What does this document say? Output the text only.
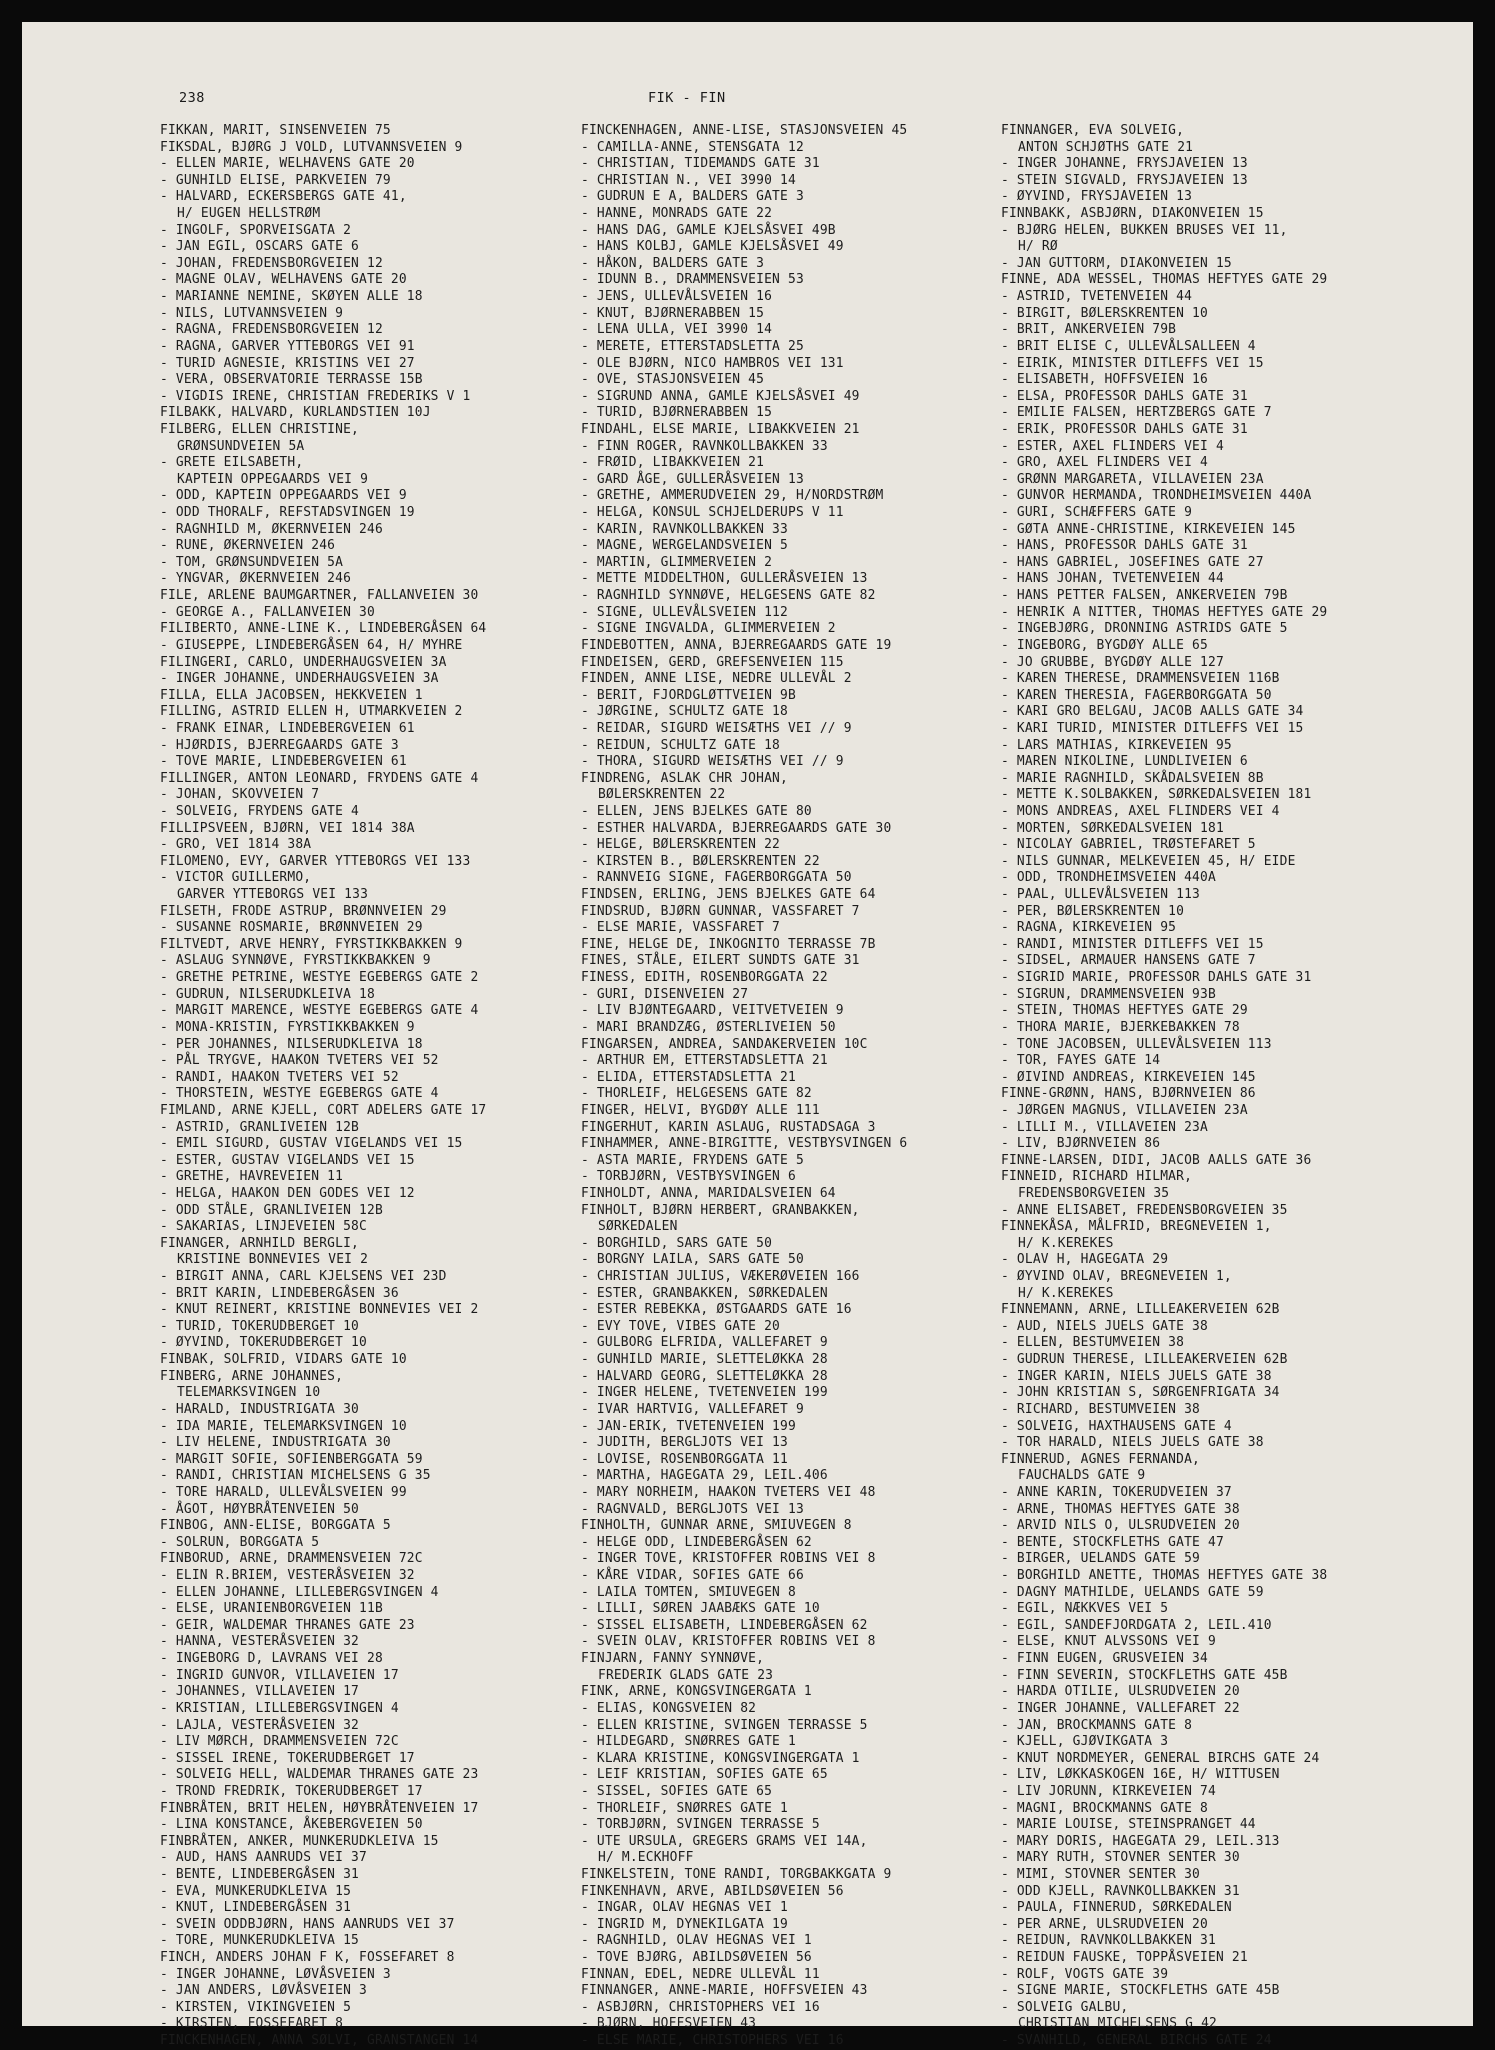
238	FIK - FIN
FIKKAN, MARIT, SINSENVEIEN 75
FIKSDAL, BJØRG J VOLD, LUTVANNSVEIEN 9
- ELLEN MARIE, WELHAVENS GATE 20
- GUNHILD ELISE, PARKVEIEN 79
- HALVARD, ECKERSBERGS GATE 41,
H/ EUGEN HELLSTRØM
- INGOLF, SPORVEISGATA 2
- JAN EGIL, OSCARS GATE 6
- JOHAN, FREDENSBORGVEIEN 12
- MAGNE OLAV, WELHAVENS GATE 20
- MARIANNE NEMINE, SKØYEN ALLE 18
- NILS, LUTVANNSVEIEN 9
- RAGNA, FREDENSBORGVEIEN 12
- RAGNA, GARVER YTTEBORGS VEI 91
- TURID AGNESIE, KRISTINS VEI 27
- VERA, OBSERVATORIE TERRASSE 15B
- VIGDIS IRENE, CHRISTIAN FREDERIKS V 1
FILBAKK, HALVARD, KURLANDSTIEN 10J
FILBERG, ELLEN CHRISTINE,
GRØNSUNDVEIEN 5A
- GRETE EILSABETH,
KAPTEIN OPPEGAARDS VEI 9
- ODD, KAPTEIN OPPEGAARDS VEI 9
- ODD THORALF, REFSTADSVINGEN 19
- RAGNHILD M, ØKERNVEIEN 246
- RUNE, ØKERNVEIEN 246
- TOM, GRØNSUNDVEIEN 5A
- YNGVAR, ØKERNVEIEN 246
FILE, ARLENE BAUMGARTNER, FALLANVEIEN 30
- GEORGE A., FALLANVEIEN 30
FILIBERTO, ANNE-LINE K., LINDEBERGÅSEN 64
- GIUSEPPE, LINDEBERGÅSEN 64, H/ MYHRE
FILINGERI, CARLO, UNDERHAUGSVEIEN 3A
- INGER JOHANNE, UNDERHAUGSVEIEN 3A
FILLA, ELLA JACOBSEN, HEKKVEIEN 1
FILLING, ASTRID ELLEN H, UTMARKVEIEN 2
- FRANK EINAR, LINDEBERGVEIEN 61
- HJØRDIS, BJERREGAARDS GATE 3
- TOVE MARIE, LINDEBERGVEIEN 61
FILLINGER, ANTON LEONARD, FRYDENS GATE 4
- JOHAN, SKOVVEIEN 7
- SOLVEIG, FRYDENS GATE 4
FILLIPSVEEN, BJØRN, VEI 1814 38A
- GRO, VEI 1814 38A
FILOMENO, EVY, GARVER YTTEBORGS VEI 133
- VICTOR GUILLERMO,
GARVER YTTEBORGS VEI 133
FILSETH, FRODE ASTRUP, BRØNNVEIEN 29
- SUSANNE ROSMARIE, BRØNNVEIEN 29
FILTVEDT, ARVE HENRY, FYRSTIKKBAKKEN 9
- ASLAUG SYNNØVE, FYRSTIKKBAKKEN 9
- GRETHE PETRINE, WESTYE EGEBERGS GATE 2
- GUDRUN, NILSERUDKLEIVA 18
- MARGIT MARENCE, WESTYE EGEBERGS GATE 4
- MONA-KRISTIN, FYRSTIKKBAKKEN 9
- PER JOHANNES, NILSERUDKLEIVA 18
- PÅL TRYGVE, HAAKON TVETERS VEI 52
- RANDI, HAAKON TVETERS VEI 52
- THORSTEIN, WESTYE EGEBERGS GATE 4
FIMLAND, ARNE KJELL, CORT ADELERS GATE 17
- ASTRID, GRANLIVEIEN 12B
- EMIL SIGURD, GUSTAV VIGELANDS VEI 15
- ESTER, GUSTAV VIGELANDS VEI 15
- GRETHE, HAVREVEIEN 11
- HELGA, HAAKON DEN GODES VEI 12
- ODD STÅLE, GRANLIVEIEN 12B
- SAKARIAS, LINJEVEIEN 58C
FINANGER, ARNHILD BERGLI,
KRISTINE BONNEVIES VEI 2
- BIRGIT ANNA, CARL KJELSENS VEI 23D
- BRIT KARIN, LINDEBERGÅSEN 36
- KNUT REINERT, KRISTINE BONNEVIES VEI 2
- TURID, TOKERUDBERGET 10
- ØYVIND, TOKERUDBERGET 10
FINBAK, SOLFRID, VIDARS GATE 10
FINBERG, ARNE JOHANNES,
TELEMARKSVINGEN 10
- HARALD, INDUSTRIGATA 30
- IDA MARIE, TELEMARKSVINGEN 10
- LIV HELENE, INDUSTRIGATA 30
- MARGIT SOFIE, SOFIENBERGGATA 59
- RANDI, CHRISTIAN MICHELSENS G 35
- TORE HARALD, ULLEVÅLSVEIEN 99
- ÅGOT, HØYBRÅTENVEIEN 50
FINBOG, ANN-ELISE, BORGGATA 5
- SOLRUN, BORGGATA 5
FINBORUD, ARNE, DRAMMENSVEIEN 72C
- ELIN R.BRIEM, VESTERÅSVEIEN 32
- ELLEN JOHANNE, LILLEBERGSVINGEN 4
- ELSE, URANIENBORGVEIEN 11B
- GEIR, WALDEMAR THRANES GATE 23
- HANNA, VESTERÅSVEIEN 32
- INGEBORG D, LAVRANS VEI 28
- INGRID GUNVOR, VILLAVEIEN 17
- JOHANNES, VILLAVEIEN 17
- KRISTIAN, LILLEBERGSVINGEN 4
- LAJLA, VESTERÅSVEIEN 32
- LIV MØRCH, DRAMMENSVEIEN 72C
- SISSEL IRENE, TOKERUDBERGET 17
- SOLVEIG HELL, WALDEMAR THRANES GATE 23
- TROND FREDRIK, TOKERUDBERGET 17
FINBRÅTEN, BRIT HELEN, HØYBRÅTENVEIEN 17
- LINA KONSTANCE, ÅKEBERGVEIEN 50
FINBRÅTEN, ANKER, MUNKERUDKLEIVA 15
- AUD, HANS AANRUDS VEI 37
- BENTE, LINDEBERGÅSEN 31
- EVA, MUNKERUDKLEIVA 15
- KNUT, LINDEBERGÅSEN 31
- SVEIN ODDBJØRN, HANS AANRUDS VEI 37
- TORE, MUNKERUDKLEIVA 15
FINCH, ANDERS JOHAN F K, FOSSEFARET 8
- INGER JOHANNE, LØVÅSVEIEN 3
- JAN ANDERS, LØVÅSVEIEN 3
- KIRSTEN, VIKINGVEIEN 5
- KIRSTEN, FOSSEFARET 8
FINCKENHAGEN, ANNA SØLVI, GRANSTANGEN 14
FINCKENHAGEN, ANNE-LISE, STASJONSVEIEN 45
- CAMILLA-ANNE, STENSGATA 12
- CHRISTIAN, TIDEMANDS GATE 31
- CHRISTIAN N., VEI 3990 14
- GUDRUN E A, BALDERS GATE 3
- HANNE, MONRADS GATE 22
- HANS DAG, GAMLE KJELSÅSVEI 49B
- HANS KOLBJ, GAMLE KJELSÅSVEI 49
- HÅKON, BALDERS GATE 3
- IDUNN B., DRAMMENSVEIEN 53
- JENS, ULLEVÅLSVEIEN 16
- KNUT, BJØRNERABBEN 15
- LENA ULLA, VEI 3990 14
- MERETE, ETTERSTADSLETTA 25
- OLE BJØRN, NICO HAMBROS VEI 131
- OVE, STASJONSVEIEN 45
- SIGRUND ANNA, GAMLE KJELSÅSVEI 49
- TURID, BJØRNERABBEN 15
FINDAHL, ELSE MARIE, LIBAKKVEIEN 21
- FINN ROGER, RAVNKOLLBAKKEN 33
- FRØID, LIBAKKVEIEN 21
- GARD ÅGE, GULLERÅSVEIEN 13
- GRETHE, AMMERUDVEIEN 29, H/NORDSTRØM
- HELGA, KONSUL SCHJELDERUPS V 11
- KARIN, RAVNKOLLBAKKEN 33
- MAGNE, WERGELANDSVEIEN 5
- MARTIN, GLIMMERVEIEN 2
- METTE MIDDELTHON, GULLERÅSVEIEN 13
- RAGNHILD SYNNØVE, HELGESENS GATE 82
- SIGNE, ULLEVÅLSVEIEN 112
- SIGNE INGVALDA, GLIMMERVEIEN 2
FINDEBOTTEN, ANNA, BJERREGAARDS GATE 19
FINDEISEN, GERD, GREFSENVEIEN 115
FINDEN, ANNE LISE, NEDRE ULLEVÅL 2
- BERIT, FJORDGLØTTVEIEN 9B
- JØRGINE, SCHULTZ GATE 18
- REIDAR, SIGURD WEISÆTHS VEI // 9
- REIDUN, SCHULTZ GATE 18
- THORA, SIGURD WEISÆTHS VEI // 9
FINDRENG, ASLAK CHR JOHAN,
BØLERSKRENTEN 22
- ELLEN, JENS BJELKES GATE 80
- ESTHER HALVARDA, BJERREGAARDS GATE 30
- HELGE, BØLERSKRENTEN 22
- KIRSTEN B., BØLERSKRENTEN 22
- RANNVEIG SIGNE, FAGERBORGGATA 50
FINDSEN, ERLING, JENS BJELKES GATE 64
FINDSRUD, BJØRN GUNNAR, VASSFARET 7
- ELSE MARIE, VASSFARET 7
FINE, HELGE DE, INKOGNITO TERRASSE 7B
FINES, STÅLE, EILERT SUNDTS GATE 31
FINESS, EDITH, ROSENBORGGATA 22
- GURI, DISENVEIEN 27
- LIV BJØNTEGAARD, VEITVETVEIEN 9
- MARI BRANDZÆG, ØSTERLIVEIEN 50
FINGARSEN, ANDREA, SANDAKERVEIEN 10C
- ARTHUR EM, ETTERSTADSLETTA 21
- ELIDA, ETTERSTADSLETTA 21
- THORLEIF, HELGESENS GATE 82
FINGER, HELVI, BYGDØY ALLE 111
FINGERHUT, KARIN ASLAUG, RUSTADSAGA 3
FINHAMMER, ANNE-BIRGITTE, VESTBYSVINGEN 6
- ASTA MARIE, FRYDENS GATE 5
- TORBJØRN, VESTBYSVINGEN 6
FINHOLDT, ANNA, MARIDALSVEIEN 64
FINHOLT, BJØRN HERBERT, GRANBAKKEN,
SØRKEDALEN
- BORGHILD, SARS GATE 50
- BORGNY LAILA, SARS GATE 50
- CHRISTIAN JULIUS, VÆKERØVEIEN 166
- ESTER, GRANBAKKEN, SØRKEDALEN
- ESTER REBEKKA, ØSTGAARDS GATE 16
- EVY TOVE, VIBES GATE 20
- GULBORG ELFRIDA, VALLEFARET 9
- GUNHILD MARIE, SLETTELØKKA 28
- HALVARD GEORG, SLETTELØKKA 28
- INGER HELENE, TVETENVEIEN 199
- IVAR HARTVIG, VALLEFARET 9
- JAN-ERIK, TVETENVEIEN 199
- JUDITH, BERGLJOTS VEI 13
- LOVISE, ROSENBORGGATA 11
- MARTHA, HAGEGATA 29, LEIL.406
- MARY NORHEIM, HAAKON TVETERS VEI 48
- RAGNVALD, BERGLJOTS VEI 13
FINHOLTH, GUNNAR ARNE, SMIUVEGEN 8
- HELGE ODD, LINDEBERGÅSEN 62
- INGER TOVE, KRISTOFFER ROBINS VEI 8
- KÅRE VIDAR, SOFIES GATE 66
- LAILA TOMTEN, SMIUVEGEN 8
- LILLI, SØREN JAABÆKS GATE 10
- SISSEL ELISABETH, LINDEBERGÅSEN 62
- SVEIN OLAV, KRISTOFFER ROBINS VEI 8
FINJARN, FANNY SYNNØVE,
FREDERIK GLADS GATE 23
FINK, ARNE, KONGSVINGERGATA 1
- ELIAS, KONGSVEIEN 82
- ELLEN KRISTINE, SVINGEN TERRASSE 5
- HILDEGARD, SNØRRES GATE 1
- KLARA KRISTINE, KONGSVINGERGATA 1
- LEIF KRISTIAN, SOFIES GATE 65
- SISSEL, SOFIES GATE 65
- THORLEIF, SNØRRES GATE 1
- TORBJØRN, SVINGEN TERRASSE 5
- UTE URSULA, GREGERS GRAMS VEI 14A,
H/ M.ECKHOFF
FINKELSTEIN, TONE RANDI, TORGBAKKGATA 9
FINKENHAVN, ARVE, ABILDSØVEIEN 56
- INGAR, OLAV HEGNAS VEI 1
- INGRID M, DYNEKILGATA 19
- RAGNHILD, OLAV HEGNAS VEI 1
- TOVE BJØRG, ABILDSØVEIEN 56
FINNAN, EDEL, NEDRE ULLEVÅL 11
FINNANGER, ANNE-MARIE, HOFFSVEIEN 43
- ASBJØRN, CHRISTOPHERS VEI 16
- BJØRN, HOFFSVEIEN 43
- ELSE MARIE, CHRISTOPHERS VEI 16
FINNANGER, EVA SOLVEIG,
ANTON SCHJØTHS GATE 21
- INGER JOHANNE, FRYSJAVEIEN 13
- STEIN SIGVALD, FRYSJAVEIEN 13
- ØYVIND, FRYSJAVEIEN 13
FINNBAKK, ASBJØRN, DIAKONVEIEN 15
- BJØRG HELEN, BUKKEN BRUSES VEI 11,
H/ RØ
- JAN GUTTORM, DIAKONVEIEN 15
FINNE, ADA WESSEL, THOMAS HEFTYES GATE 29
- ASTRID, TVETENVEIEN 44
- BIRGIT, BØLERSKRENTEN 10
- BRIT, ANKERVEIEN 79B
- BRIT ELISE C, ULLEVÅLSALLEEN 4
- EIRIK, MINISTER DITLEFFS VEI 15
- ELISABETH, HOFFSVEIEN 16
- ELSA, PROFESSOR DAHLS GATE 31
- EMILIE FALSEN, HERTZBERGS GATE 7
- ERIK, PROFESSOR DAHLS GATE 31
- ESTER, AXEL FLINDERS VEI 4
- GRO, AXEL FLINDERS VEI 4
- GRØNN MARGARETA, VILLAVEIEN 23A
- GUNVOR HERMANDA, TRONDHEIMSVEIEN 440A
- GURI, SCHÆFFERS GATE 9
- GØTA ANNE-CHRISTINE, KIRKEVEIEN 145
- HANS, PROFESSOR DAHLS GATE 31
- HANS GABRIEL, JOSEFINES GATE 27
- HANS JOHAN, TVETENVEIEN 44
- HANS PETTER FALSEN, ANKERVEIEN 79B
- HENRIK A NITTER, THOMAS HEFTYES GATE 29
- INGEBJØRG, DRONNING ASTRIDS GATE 5
- INGEBORG, BYGDØY ALLE 65
- JO GRUBBE, BYGDØY ALLE 127
- KAREN THERESE, DRAMMENSVEIEN 116B
- KAREN THERESIA, FAGERBORGGATA 50
- KARI GRO BELGAU, JACOB AALLS GATE 34
- KARI TURID, MINISTER DITLEFFS VEI 15
- LARS MATHIAS, KIRKEVEIEN 95
- MAREN NIKOLINE, LUNDLIVEIEN 6
- MARIE RAGNHILD, SKÅDALSVEIEN 8B
- METTE K.SOLBAKKEN, SØRKEDALSVEIEN 181
- MONS ANDREAS, AXEL FLINDERS VEI 4
- MORTEN, SØRKEDALSVEIEN 181
- NICOLAY GABRIEL, TRØSTEFARET 5
- NILS GUNNAR, MELKEVEIEN 45, H/ EIDE
- ODD, TRONDHEIMSVEIEN 440A
- PAAL, ULLEVÅLSVEIEN 113
- PER, BØLERSKRENTEN 10
- RAGNA, KIRKEVEIEN 95
- RANDI, MINISTER DITLEFFS VEI 15
- SIDSEL, ARMAUER HANSENS GATE 7
- SIGRID MARIE, PROFESSOR DAHLS GATE 31
- SIGRUN, DRAMMENSVEIEN 93B
- STEIN, THOMAS HEFTYES GATE 29
- THORA MARIE, BJERKEBAKKEN 78
- TONE JACOBSEN, ULLEVÅLSVEIEN 113
- TOR, FAYES GATE 14
- ØIVIND ANDREAS, KIRKEVEIEN 145
FINNE-GRØNN, HANS, BJØRNVEIEN 86
- JØRGEN MAGNUS, VILLAVEIEN 23A
- LILLI M., VILLAVEIEN 23A
- LIV, BJØRNVEIEN 86
FINNE-LARSEN, DIDI, JACOB AALLS GATE 36
FINNEID, RICHARD HILMAR,
FREDENSBORGVEIEN 35
- ANNE ELISABET, FREDENSBORGVEIEN 35
FINNEKÅSA, MÅLFRID, BREGNEVEIEN 1,
H/ K.KEREKES
- OLAV H, HAGEGATA 29
- ØYVIND OLAV, BREGNEVEIEN 1,
H/ K.KEREKES
FINNEMANN, ARNE, LILLEAKERVEIEN 62B
- AUD, NIELS JUELS GATE 38
- ELLEN, BESTUMVEIEN 38
- GUDRUN THERESE, LILLEAKERVEIEN 62B
- INGER KARIN, NIELS JUELS GATE 38
- JOHN KRISTIAN S, SØRGENFRIGATA 34
- RICHARD, BESTUMVEIEN 38
- SOLVEIG, HAXTHAUSENS GATE 4
- TOR HARALD, NIELS JUELS GATE 38
FINNERUD, AGNES FERNANDA,
FAUCHALDS GATE 9
- ANNE KARIN, TOKERUDVEIEN 37
- ARNE, THOMAS HEFTYES GATE 38
- ARVID NILS O, ULSRUDVEIEN 20
- BENTE, STOCKFLETHS GATE 47
- BIRGER, UELANDS GATE 59
- BORGHILD ANETTE, THOMAS HEFTYES GATE 38
- DAGNY MATHILDE, UELANDS GATE 59
- EGIL, NÆKKVES VEI 5
- EGIL, SANDEFJORDGATA 2, LEIL.410
- ELSE, KNUT ALVSSONS VEI 9
- FINN EUGEN, GRUSVEIEN 34
- FINN SEVERIN, STOCKFLETHS GATE 45B
- HARDA OTILIE, ULSRUDVEIEN 20
- INGER JOHANNE, VALLEFARET 22
- JAN, BROCKMANNS GATE 8
- KJELL, GJØVIKGATA 3
- KNUT NORDMEYER, GENERAL BIRCHS GATE 24
- LIV, LØKKASKOGEN 16E, H/ WITTUSEN
- LIV JORUNN, KIRKEVEIEN 74
- MAGNI, BROCKMANNS GATE 8
- MARIE LOUISE, STEINSPRANGET 44
- MARY DORIS, HAGEGATA 29, LEIL.313
- MARY RUTH, STOVNER SENTER 30
- MIMI, STOVNER SENTER 30
- ODD KJELL, RAVNKOLLBAKKEN 31
- PAULA, FINNERUD, SØRKEDALEN
- PER ARNE, ULSRUDVEIEN 20
- REIDUN, RAVNKOLLBAKKEN 31
- REIDUN FAUSKE, TOPPÅSVEIEN 21
- ROLF, VOGTS GATE 39
- SIGNE MARIE, STOCKFLETHS GATE 45B
- SOLVEIG GALBU,
CHRISTIAN MICHELSENS G 42
- SVANHILD, GENERAL BIRCHS GATE 24
